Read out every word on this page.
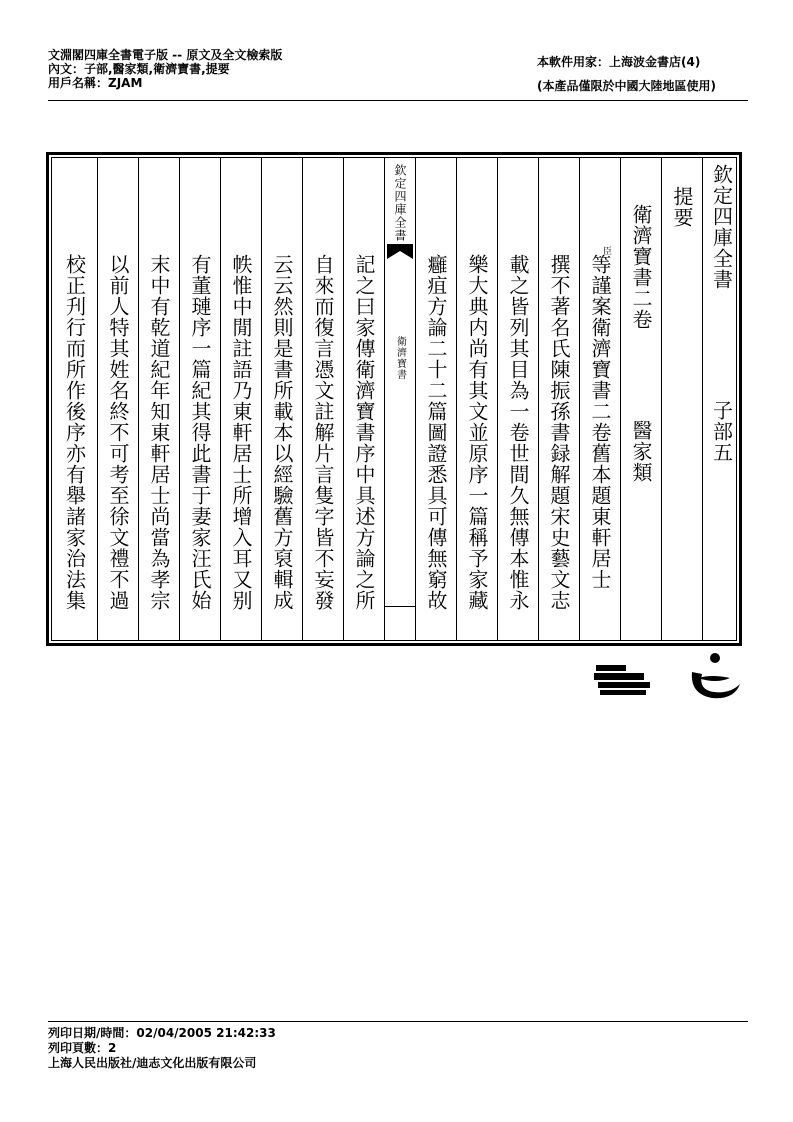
文淵閣四庫全書電子版 -- 原文及全文檢索版
內文：子部,醫家類,衛濟寶書,提要
用戶名稱：ZJAM
本軟件用家：上海波金書店(4)
(本產品僅限於中國大陸地區使用)
校正刋行而所作後序亦有舉諸家治法集 以前人特其姓名終不可考至徐文禮不過 末中有乾道紀年知東軒居士尚當為孝宗 有董璉序一篇紀其得此書于妻家汪氏始 帙惟中閒註語乃東軒居士所增入耳又别 云云然則是書所載本以經驗舊方裒輯成 自來而復言憑文註解片言隻字皆不妄發 記之曰家傳衛濟寶書序中具述方論之所
欽定四庫全書
衛濟寶書 癰疽方論二十二篇圖證悉具可傳無窮故 樂大典内尚有其文並原序一篇稱予家藏 載之皆列其目為一卷世間久無傳本惟永 撰不著名氏陳振孫書録解題宋史藝文志
臣
等謹案衛濟寶書二卷舊本題東軒居士 衛濟寶書二卷
醫家類
提要 欽定四庫全書
子部五
列印日期/時間：02/04/2005 21:42:33
列印頁數：2
上海人民出版社/迪志文化出版有限公司
